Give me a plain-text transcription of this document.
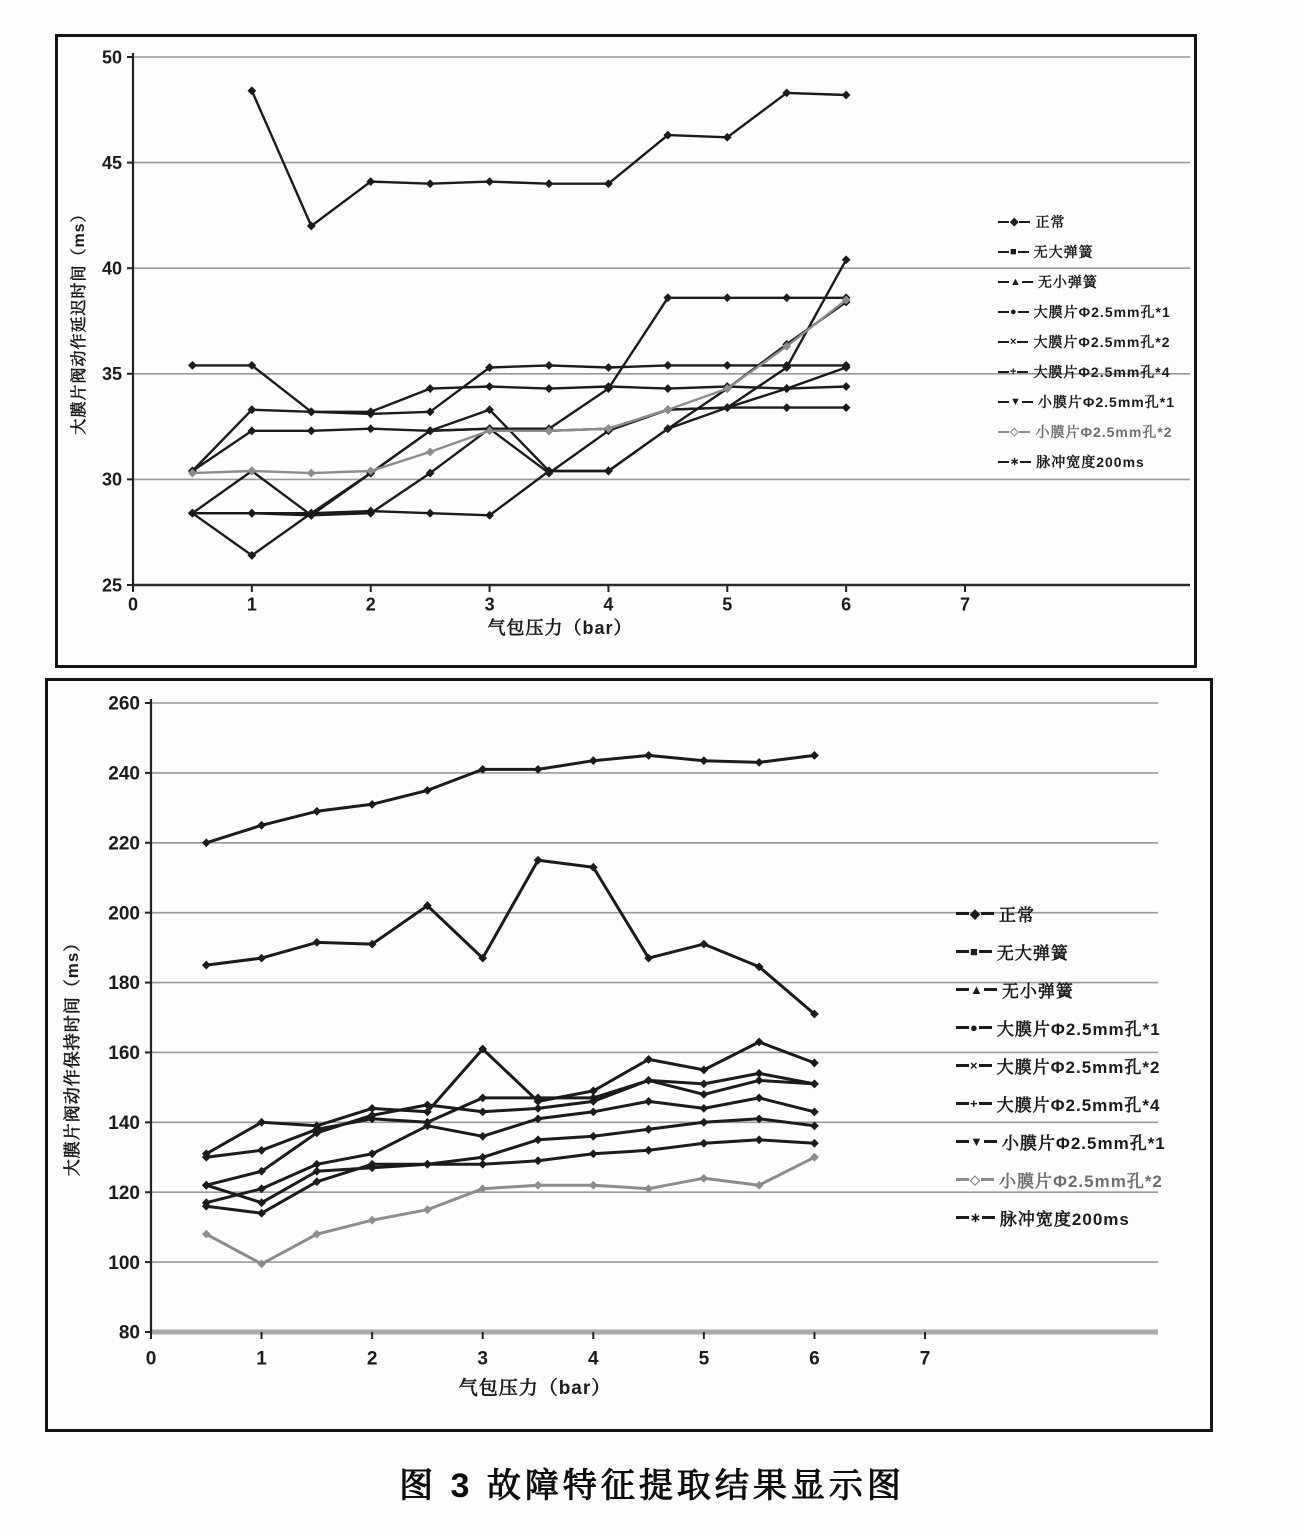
50
45
40
35
30
25
0	1	2	3	4	5	6	7
气包压力（bar）
大膜片阀动作延迟时间（ms）
260
240
220
200
180
160
140
120
100
80
0	1	2	3	4	5	6	7
气包压力（bar）
大膜片阀动作保持时间（ms）
◆ 正常
■ 无大弹簧
▲ 无小弹簧
● 大膜片Φ2.5mm孔*1
× 大膜片Φ2.5mm孔*2
+ 大膜片Φ2.5mm孔*4
▼ 小膜片Φ2.5mm孔*1
◇ 小膜片Φ2.5mm孔*2
∗ 脉冲宽度200ms
◆ 正常
■ 无大弹簧
▲ 无小弹簧
● 大膜片Φ2.5mm孔*1
× 大膜片Φ2.5mm孔*2
+ 大膜片Φ2.5mm孔*4
▼ 小膜片Φ2.5mm孔*1
◇ 小膜片Φ2.5mm孔*2
∗ 脉冲宽度200ms
图 3 故障特征提取结果显示图
